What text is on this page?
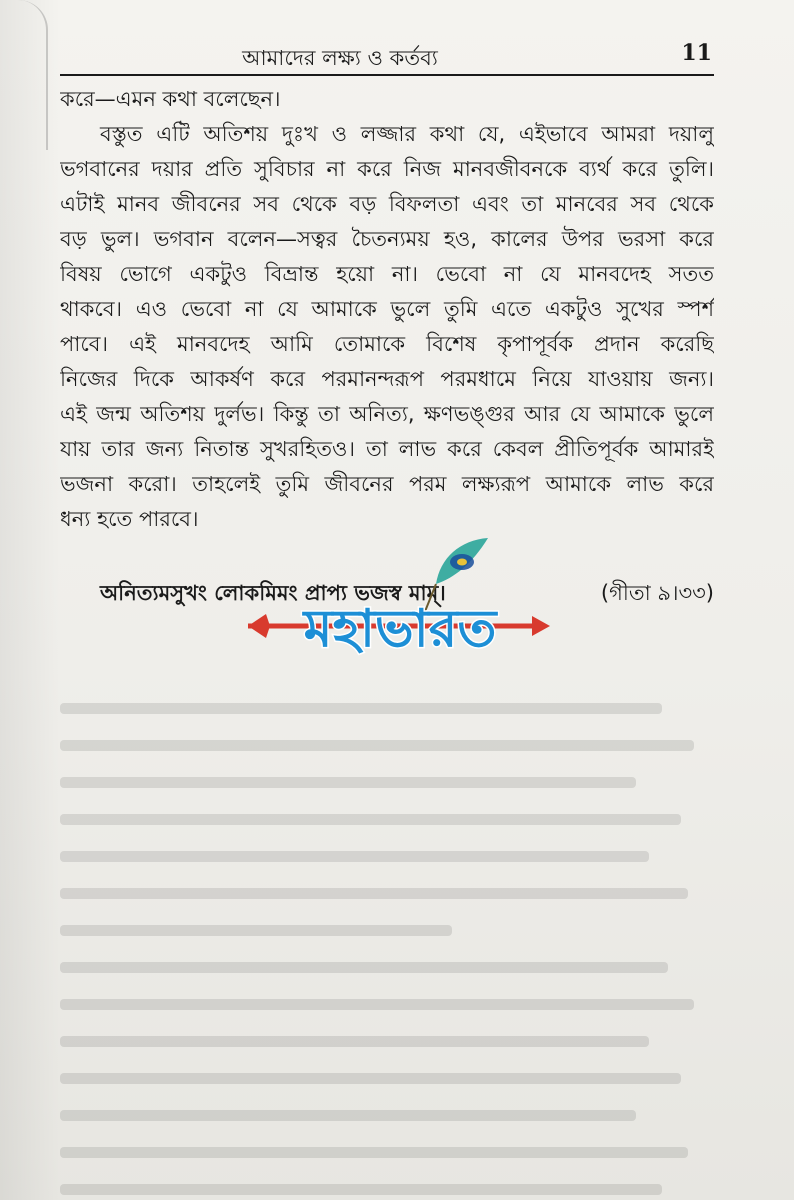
আমাদের লক্ষ্য ও কর্তব্য	11
করে—এমন কথা বলেছেন।
বস্তুত এটি অতিশয় দুঃখ ও লজ্জার কথা যে, এইভাবে আমরা দয়ালু
ভগবানের দয়ার প্রতি সুবিচার না করে নিজ মানবজীবনকে ব্যর্থ করে তুলি।
এটাই মানব জীবনের সব থেকে বড় বিফলতা এবং তা মানবের সব থেকে
বড় ভুল। ভগবান বলেন—সত্বর চৈতন্যময় হও, কালের উপর ভরসা করে
বিষয় ভোগে একটুও বিভ্রান্ত হয়ো না। ভেবো না যে মানবদেহ সতত
থাকবে। এও ভেবো না যে আমাকে ভুলে তুমি এতে একটুও সুখের স্পর্শ
পাবে। এই মানবদেহ আমি তোমাকে বিশেষ কৃপাপূর্বক প্রদান করেছি
নিজের দিকে আকর্ষণ করে পরমানন্দরূপ পরমধামে নিয়ে যাওয়ায় জন্য।
এই জন্ম অতিশয় দুর্লভ। কিন্তু তা অনিত্য, ক্ষণভঙ্গুর আর যে আমাকে ভুলে
যায় তার জন্য নিতান্ত সুখরহিতও। তা লাভ করে কেবল প্রীতিপূর্বক আমারই
ভজনা করো। তাহলেই তুমি জীবনের পরম লক্ষ্যরূপ আমাকে লাভ করে
ধন্য হতে পারবে।
অনিত্যমসুখং লোকমিমং প্রাপ্য ভজস্ব মাম্।	(গীতা ৯।৩৩)
মহাভারত
